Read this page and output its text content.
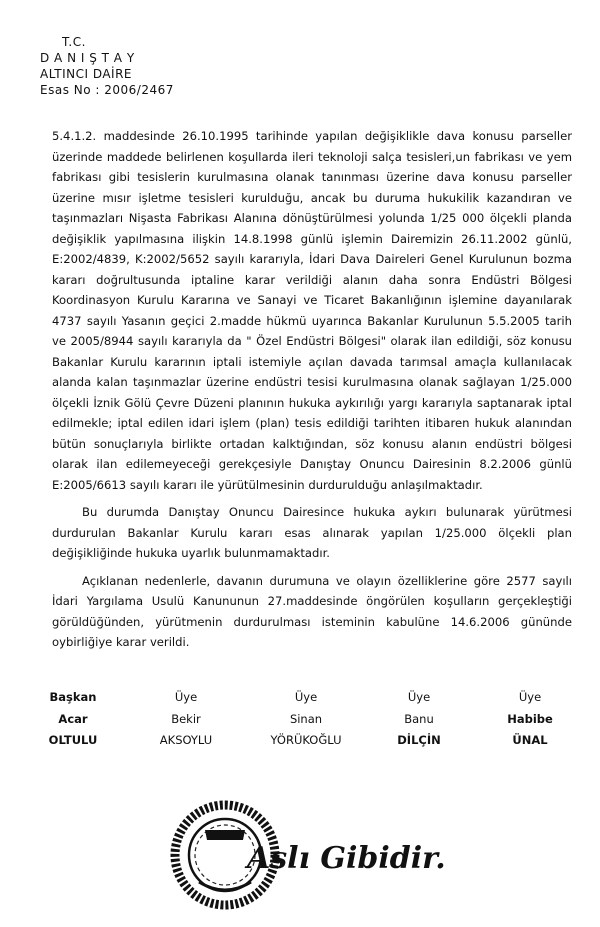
T.C.
D A N I Ş T A Y
ALTINCI DAİRE
Esas No : 2006/2467

5.4.1.2. maddesinde 26.10.1995 tarihinde yapılan değişiklikle dava konusu parseller üzerinde maddede belirlenen koşullarda ileri teknoloji salça tesisleri,un fabrikası ve yem fabrikası gibi tesislerin kurulmasına olanak tanınması üzerine dava konusu parseller üzerine mısır işletme tesisleri kurulduğu, ancak bu duruma hukukilik kazandıran ve taşınmazları Nişasta Fabrikası Alanına dönüştürülmesi yolunda 1/25 000 ölçekli planda değişiklik yapılmasına ilişkin 14.8.1998 günlü işlemin Dairemizin 26.11.2002 günlü, E:2002/4839, K:2002/5652 sayılı kararıyla, İdari Dava Daireleri Genel Kurulunun bozma kararı doğrultusunda iptaline karar verildiği alanın daha sonra Endüstri Bölgesi Koordinasyon Kurulu Kararına ve Sanayi ve Ticaret Bakanlığının işlemine dayanılarak 4737 sayılı Yasanın geçici 2.madde hükmü uyarınca Bakanlar Kurulunun 5.5.2005 tarih ve 2005/8944 sayılı kararıyla da " Özel Endüstri Bölgesi" olarak ilan edildiği, söz konusu Bakanlar Kurulu kararının iptali istemiyle açılan davada tarımsal amaçla kullanılacak alanda kalan taşınmazlar üzerine endüstri tesisi kurulmasına olanak sağlayan 1/25.000 ölçekli İznik Gölü Çevre Düzeni planının hukuka aykırılığı yargı kararıyla saptanarak iptal edilmekle; iptal edilen idari işlem (plan) tesis edildiği tarihten itibaren hukuk alanından bütün sonuçlarıyla birlikte ortadan kalktığından, söz konusu alanın endüstri bölgesi olarak ilan edilemeyeceği gerekçesiyle Danıştay Onuncu Dairesinin 8.2.2006 günlü E:2005/6613 sayılı kararı ile yürütülmesinin durdurulduğu anlaşılmaktadır.

Bu durumda Danıştay Onuncu Dairesince hukuka aykırı bulunarak yürütmesi durdurulan Bakanlar Kurulu kararı esas alınarak yapılan 1/25.000 ölçekli plan değişikliğinde hukuka uyarlık bulunmamaktadır.

Açıklanan nedenlerle, davanın durumuna ve olayın özelliklerine göre 2577 sayılı İdari Yargılama Usulü Kanununun 27.maddesinde öngörülen koşulların gerçekleştiği görüldüğünden, yürütmenin durdurulması isteminin kabulüne 14.6.2006 gününde oybirliğiye karar verildi.

Başkan
Acar
OLTULU
Üye
Bekir
AKSOYLU
Üye
Sinan
YÖRÜKOĞLU
Üye
Banu
DİLÇİN
Üye
Habibe
ÜNAL
Aslı Gibidir.
